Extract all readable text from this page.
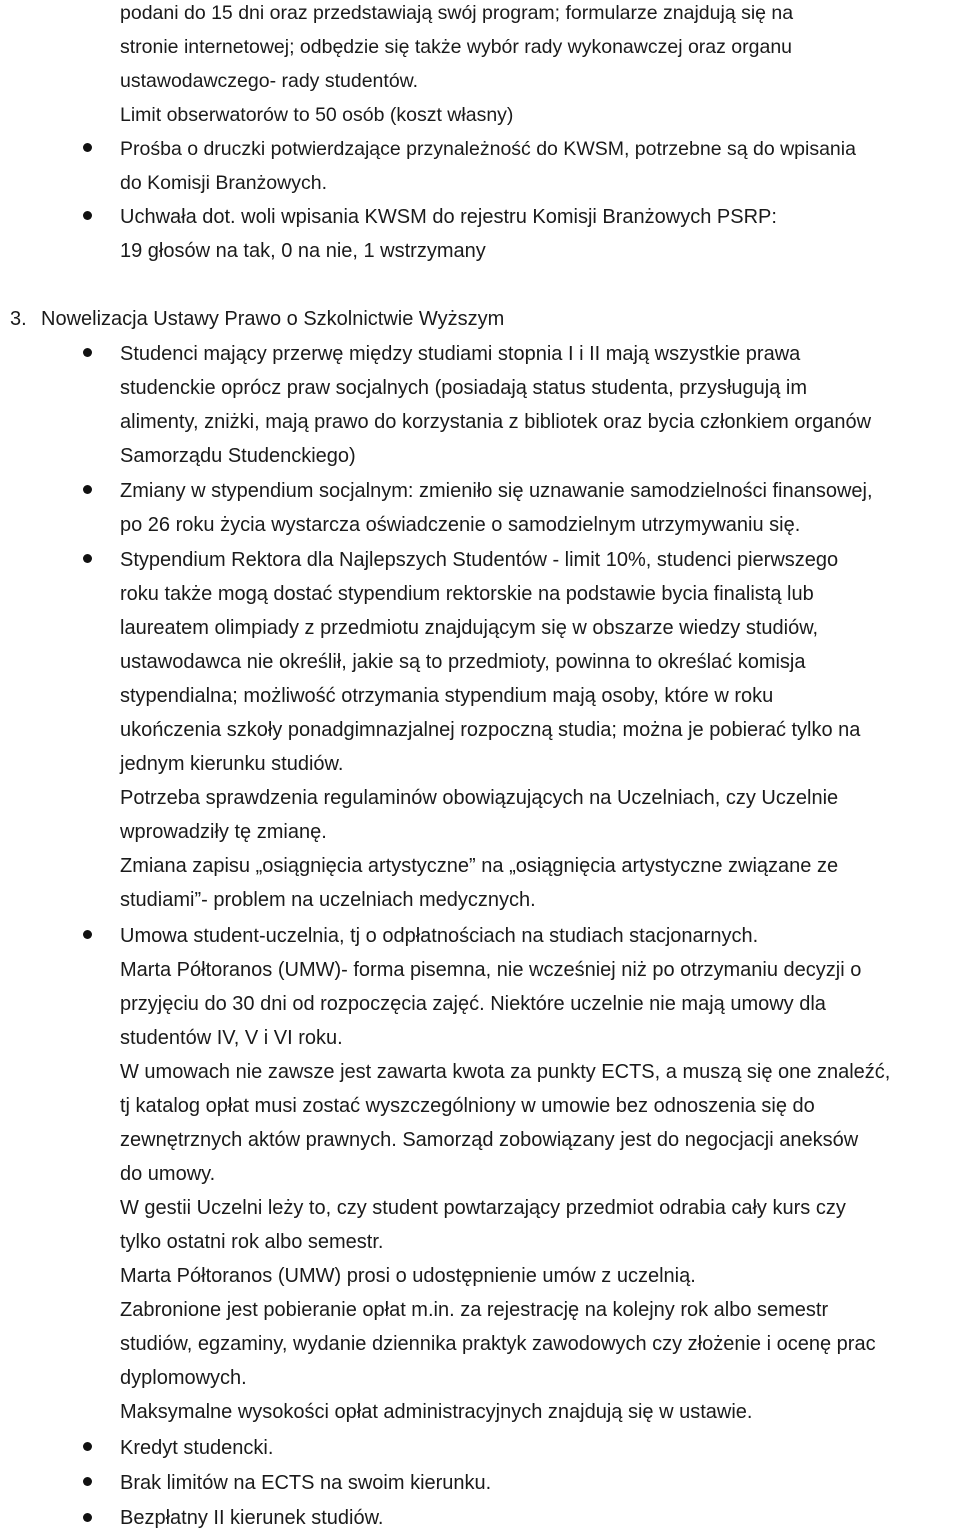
podani do 15 dni oraz przedstawiają swój program; formularze znajdują się na
stronie internetowej; odbędzie się także wybór rady wykonawczej oraz organu
ustawodawczego- rady studentów.
Limit obserwatorów to 50 osób (koszt własny)
Prośba o druczki potwierdzające przynależność do KWSM, potrzebne są do wpisania
do Komisji Branżowych.
Uchwała dot. woli wpisania KWSM do rejestru Komisji Branżowych PSRP:
19 głosów na tak, 0 na nie, 1 wstrzymany
3. Nowelizacja Ustawy Prawo o Szkolnictwie Wyższym
Studenci mający przerwę między studiami stopnia I i II mają wszystkie prawa
studenckie oprócz praw socjalnych (posiadają status studenta, przysługują im
alimenty, zniżki, mają prawo do korzystania z bibliotek oraz bycia członkiem organów
Samorządu Studenckiego)
Zmiany w stypendium socjalnym: zmieniło się uznawanie samodzielności finansowej,
po 26 roku życia wystarcza oświadczenie o samodzielnym utrzymywaniu się.
Stypendium Rektora dla Najlepszych Studentów - limit 10%, studenci pierwszego
roku także mogą dostać stypendium rektorskie na podstawie bycia finalistą lub
laureatem olimpiady z przedmiotu znajdującym się w obszarze wiedzy studiów,
ustawodawca nie określił, jakie są to przedmioty, powinna to określać komisja
stypendialna; możliwość otrzymania stypendium mają osoby, które w roku
ukończenia szkoły ponadgimnazjalnej rozpoczną studia; można je pobierać tylko na
jednym kierunku studiów.
Potrzeba sprawdzenia regulaminów obowiązujących na Uczelniach, czy Uczelnie
wprowadziły tę zmianę.
Zmiana zapisu „osiągnięcia artystyczne” na „osiągnięcia artystyczne związane ze
studiami”- problem na uczelniach medycznych.
Umowa student-uczelnia, tj o odpłatnościach na studiach stacjonarnych.
Marta Półtoranos (UMW)- forma pisemna, nie wcześniej niż po otrzymaniu decyzji o
przyjęciu do 30 dni od rozpoczęcia zajęć. Niektóre uczelnie nie mają umowy dla
studentów IV, V i VI roku.
W umowach nie zawsze jest zawarta kwota za punkty ECTS, a muszą się one znaleźć,
tj katalog opłat musi zostać wyszczególniony w umowie bez odnoszenia się do
zewnętrznych aktów prawnych. Samorząd zobowiązany jest do negocjacji aneksów
do umowy.
W gestii Uczelni leży to, czy student powtarzający przedmiot odrabia cały kurs czy
tylko ostatni rok albo semestr.
Marta Półtoranos (UMW) prosi o udostępnienie umów z uczelnią.
Zabronione jest pobieranie opłat m.in. za rejestrację na kolejny rok albo semestr
studiów, egzaminy, wydanie dziennika praktyk zawodowych czy złożenie i ocenę prac
dyplomowych.
Maksymalne wysokości opłat administracyjnych znajdują się w ustawie.
Kredyt studencki.
Brak limitów na ECTS na swoim kierunku.
Bezpłatny II kierunek studiów.
